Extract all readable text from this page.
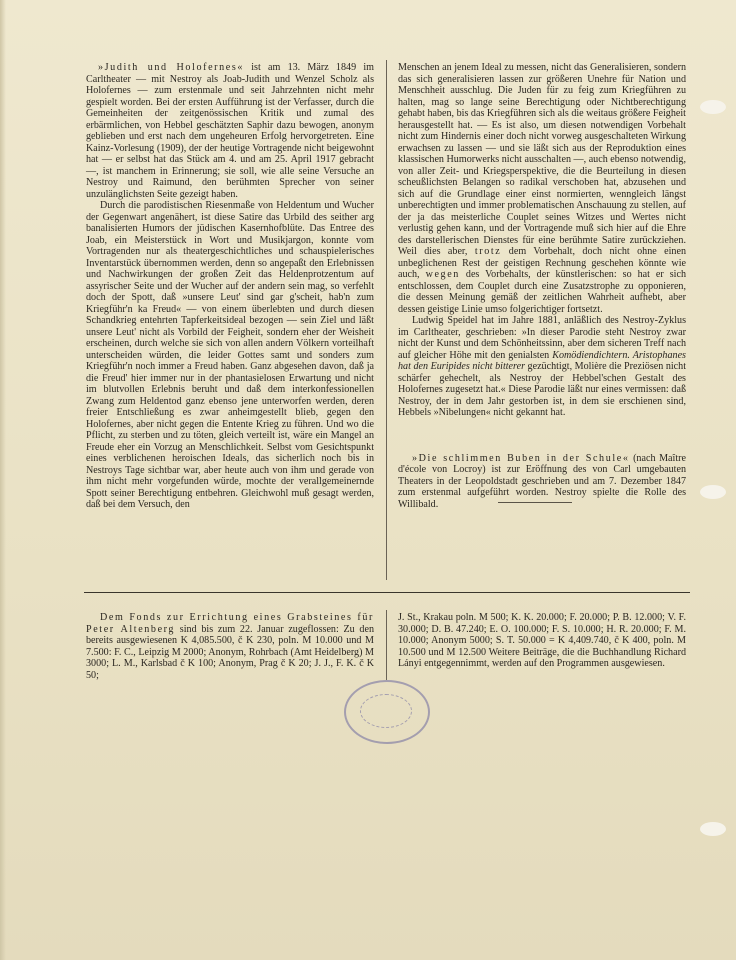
»Judith und Holofernes« ist am 13. März 1849 im Carltheater — mit Nestroy als Joab-Judith und Wenzel Scholz als Holofernes — zum erstenmale und seit Jahrzehnten nicht mehr gespielt worden. Bei der ersten Aufführung ist der Verfasser, durch die Gemeinheiten der zeitgenössischen Kritik und zumal des erbärmlichen, von Hebbel geschätzten Saphir dazu bewogen, anonym geblieben und erst nach dem ungeheuren Erfolg hervorgetreten. Eine Kainz-Vorlesung (1909), der der heutige Vortragende nicht beigewohnt hat — er selbst hat das Stück am 4. und am 25. April 1917 gebracht —, ist manchem in Erinnerung; sie soll, wie alle seine Versuche an Nestroy und Raimund, den berühmten Sprecher von seiner unzulänglichsten Seite gezeigt haben.

Durch die parodistischen Riesenmaße von Heldentum und Wucher der Gegenwart angenähert, ist diese Satire das Urbild des seither arg banalisierten Humors der jüdischen Kasernhofblüte. Das Entree des Joab, ein Meisterstück in Wort und Musikjargon, konnte vom Vortragenden nur als theatergeschichtliches und schauspielerisches Inventarstück übernommen werden, denn so angepaßt den Erlebnissen und Nachwirkungen der großen Zeit das Heldenprotzentum auf assyrischer Seite und der Wucher auf der andern sein mag, so verfehlt doch der Spott, daß »unsere Leut' sind gar g'scheit, hab'n zum Kriegführ'n ka Freud« — von einem überlebten und durch diesen Schandkrieg entehrten Tapferkeitsideal bezogen — sein Ziel und läßt unsere Leut' nicht als Vorbild der Feigheit, sondern eher der Weisheit erscheinen, durch welche sie sich von allen andern Völkern vorteilhaft unterscheiden würden, die leider Gottes samt und sonders zum Kriegführ'n noch immer a Freud haben. Ganz abgesehen davon, daß ja die Freud' hier immer nur in der phantasielosen Erwartung und nicht im blutvollen Erlebnis beruht und daß dem interkonfessionellen Zwang zum Heldentod ganz ebenso jene unterworfen werden, deren freier Entschließung es zwar anheimgestellt blieb, gegen den Holofernes, aber nicht gegen die Entente Krieg zu führen. Und wo die Pflicht, zu sterben und zu töten, gleich verteilt ist, wäre ein Mangel an Freude eher ein Vorzug an Menschlichkeit. Selbst vom Gesichtspunkt eines verblichenen heroischen Ideals, das sicherlich noch bis in Nestroys Tage sichtbar war, aber heute auch von ihm und gerade von ihm nicht mehr vorgefunden würde, mochte der verallgemeinernde Spott seiner Berechtigung entbehren. Gleichwohl muß gesagt werden, daß bei dem Versuch, den

Menschen an jenem Ideal zu messen, nicht das Generalisieren, sondern das sich generalisieren lassen zur größeren Unehre für Nation und Menschheit ausschlug. Die Juden für zu feig zum Kriegführen zu halten, mag so lange seine Berechtigung oder Nichtberechtigung gehabt haben, bis das Kriegführen sich als die weitaus größere Feigheit herausgestellt hat. — Es ist also, um diesen notwendigen Vorbehalt nicht zum Hindernis einer doch nicht vorweg ausgeschalteten Wirkung erwachsen zu lassen — und sie läßt sich aus der Reproduktion eines klassischen Humorwerks nicht ausschalten —, auch ebenso notwendig, von aller Zeit- und Kriegsperspektive, die die Beurteilung in diesen scheußlichsten Belangen so radikal verschoben hat, abzusehen und sich auf die Grundlage einer einst normierten, wenngleich längst unberechtigten und immer problematischen Anschauung zu stellen, auf der ja das meisterliche Couplet seines Witzes und Wertes nicht verlustig gehen kann, und der Vortragende muß sich hier auf die Ehre des darstellerischen Dienstes für eine berühmte Satire zurückziehen. Weil dies aber, trotz dem Vorbehalt, doch nicht ohne einen unbeglichenen Rest der geistigen Rechnung geschehen könnte wie auch, wegen des Vorbehalts, der künstlerischen: so hat er sich entschlossen, dem Couplet durch eine Zusatzstrophe zu opponieren, die dessen Meinung gemäß der zeitlichen Wahrheit aufhebt, aber dessen geistige Linie umso folgerichtiger fortsetzt.

Ludwig Speidel hat im Jahre 1881, anläßlich des Nestroy-Zyklus im Carltheater, geschrieben: »In dieser Parodie steht Nestroy zwar nicht der Kunst und dem Schönheitssinn, aber dem sicheren Treff nach auf gleicher Höhe mit den genialsten Komödiendichtern. Aristophanes hat den Euripides nicht bitterer gezüchtigt, Molière die Preziösen nicht schärfer gehechelt, als Nestroy der Hebbel'schen Gestalt des Holofernes zugesetzt hat.« Diese Parodie läßt nur eines vermissen: daß Nestroy, der in dem Jahr gestorben ist, in dem sie erschienen sind, Hebbels »Nibelungen« nicht gekannt hat.

»Die schlimmen Buben in der Schule« (nach Maître d'école von Locroy) ist zur Eröffnung des von Carl umgebauten Theaters in der Leopoldstadt geschrieben und am 7. Dezember 1847 zum erstenmal aufgeführt worden. Nestroy spielte die Rolle des Willibald.

Dem Fonds zur Errichtung eines Grabsteines für Peter Altenberg sind bis zum 22. Januar zugeflossen: Zu den bereits ausgewiesenen K 4,085.500, č K 230, poln. M 10.000 und M 7.500: F. C., Leipzig M 2000; Anonym, Rohrbach (Amt Heidelberg) M 3000; L. M., Karlsbad č K 100; Anonym, Prag č K 20; J. J., F. K. č K 50;

J. St., Krakau poln. M 500; K. K. 20.000; F. 20.000; P. B. 12.000; V. F. 30.000; D. B. 47.240; E. O. 100.000; F. S. 10.000; H. R. 20.000; F. M. 10.000; Anonym 5000; S. T. 50.000 = K 4,409.740, č K 400, poln. M 10.500 und M 12.500 Weitere Beiträge, die die Buchhandlung Richard Lányi entgegennimmt, werden auf den Programmen ausgewiesen.
